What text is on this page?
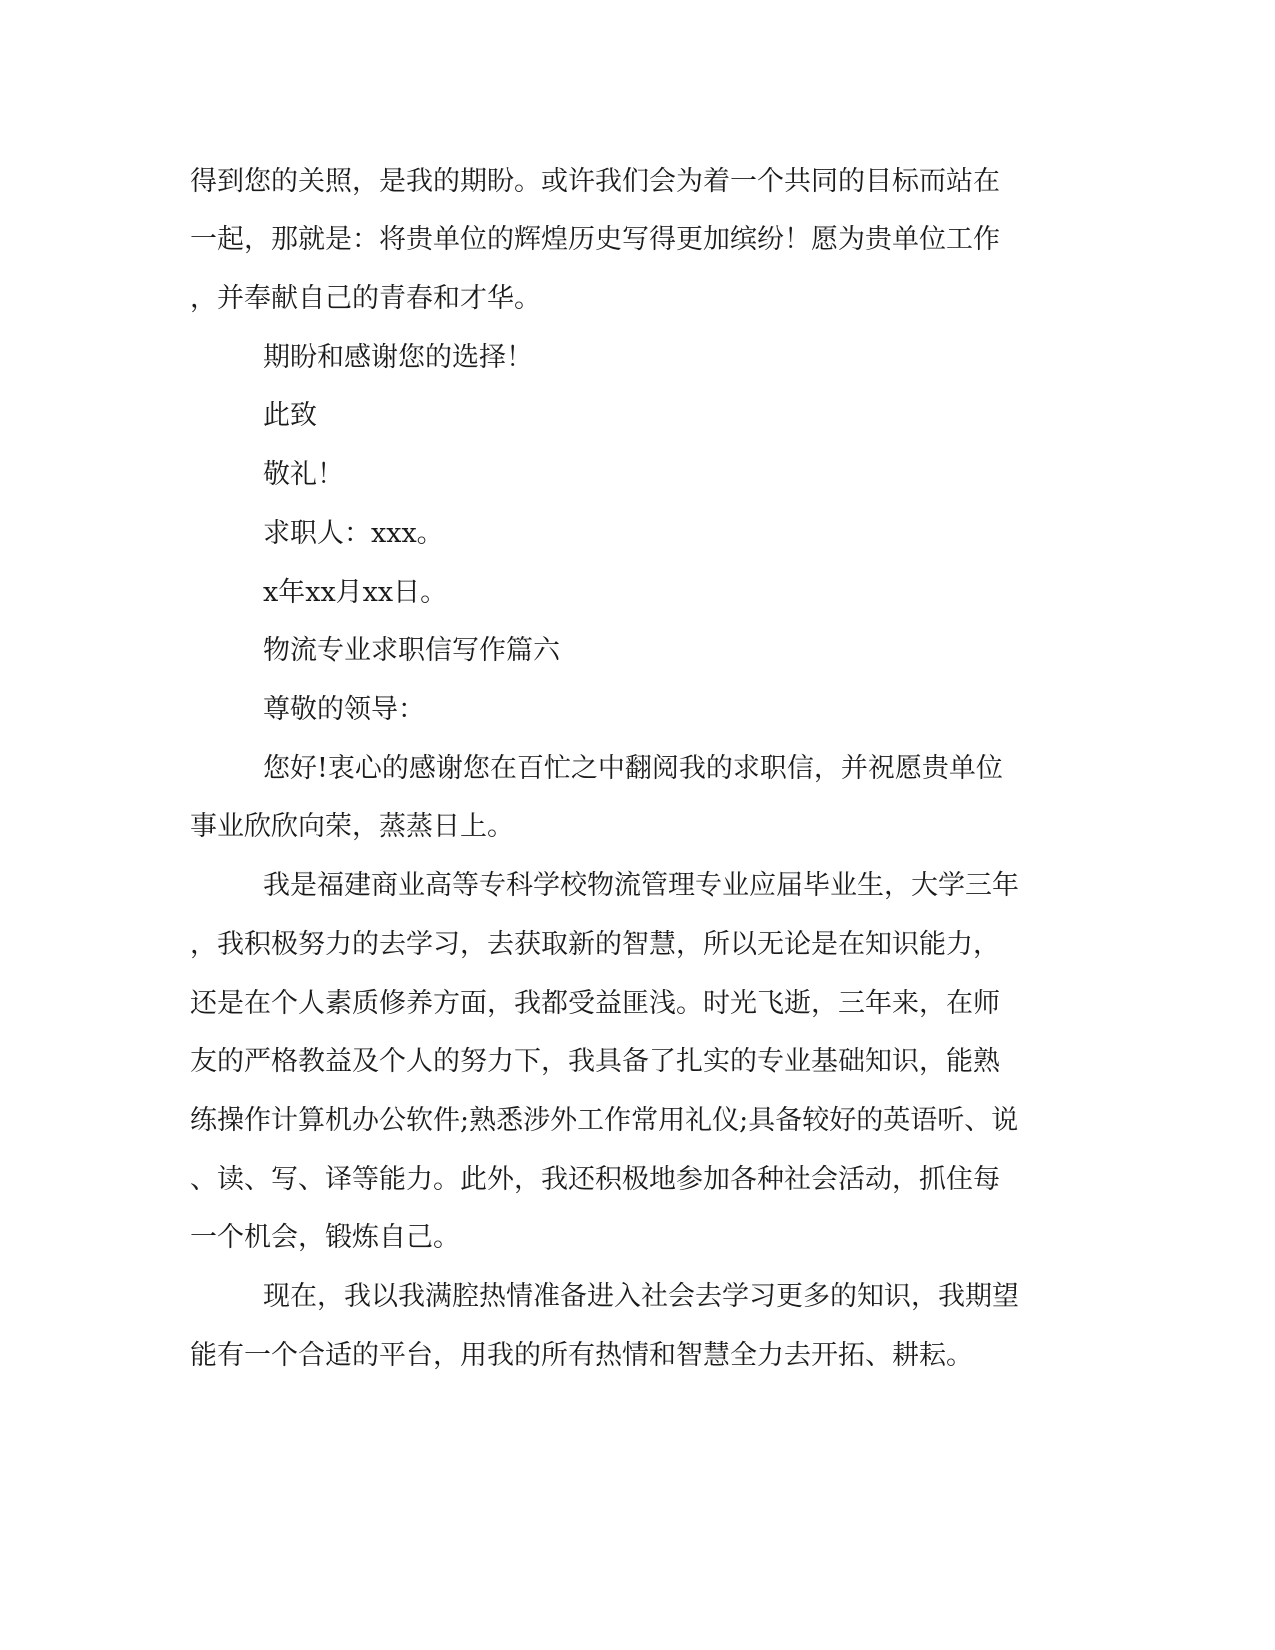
得到您的关照，是我的期盼。或许我们会为着一个共同的目标而站在
一起，那就是：将贵单位的辉煌历史写得更加缤纷！愿为贵单位工作
，并奉献自己的青春和才华。
期盼和感谢您的选择！
此致
敬礼！
求职人：xxx。
x年xx月xx日。
物流专业求职信写作篇六
尊敬的领导：
您好!衷心的感谢您在百忙之中翻阅我的求职信，并祝愿贵单位
事业欣欣向荣，蒸蒸日上。
我是福建商业高等专科学校物流管理专业应届毕业生，大学三年
，我积极努力的去学习，去获取新的智慧，所以无论是在知识能力，
还是在个人素质修养方面，我都受益匪浅。时光飞逝，三年来，在师
友的严格教益及个人的努力下，我具备了扎实的专业基础知识，能熟
练操作计算机办公软件;熟悉涉外工作常用礼仪;具备较好的英语听、说
、读、写、译等能力。此外，我还积极地参加各种社会活动，抓住每
一个机会，锻炼自己。
现在，我以我满腔热情准备进入社会去学习更多的知识，我期望
能有一个合适的平台，用我的所有热情和智慧全力去开拓、耕耘。
